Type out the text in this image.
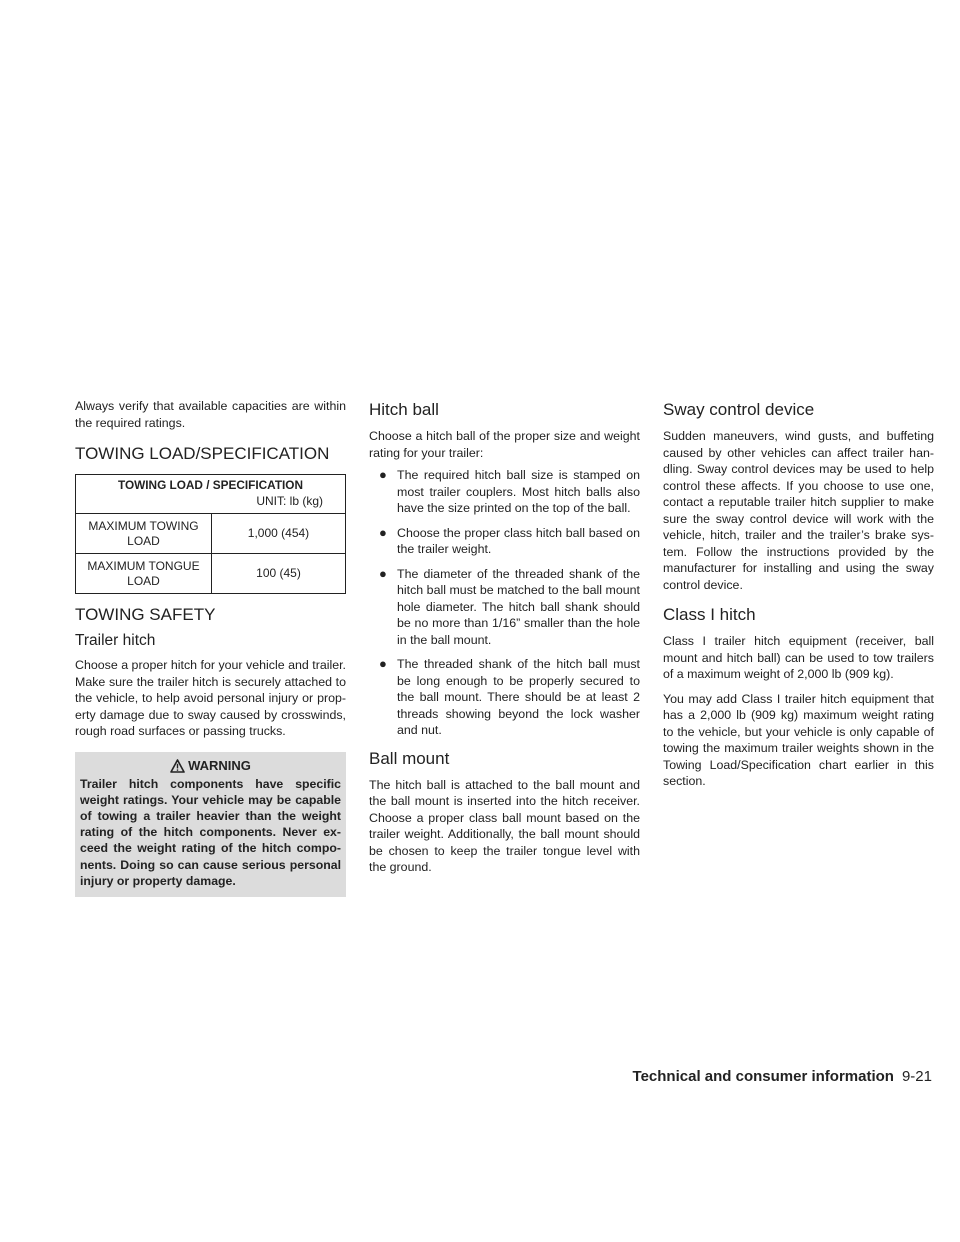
Always verify that available capacities are within the required ratings.

TOWING LOAD/SPECIFICATION
TOWING LOAD / SPECIFICATION	
UNIT: lb (kg)	
MAXIMUM TOWING LOAD	1,000 (454)
MAXIMUM TONGUE LOAD	100 (45)
TOWING SAFETY
Trailer hitch

Choose a proper hitch for your vehicle and trailer. Make sure the trailer hitch is securely attached to the vehicle, to help avoid personal injury or prop-erty damage due to sway caused by crosswinds, rough road surfaces or passing trucks.

WARNING
Trailer hitch components have specific weight ratings. Your vehicle may be capable of towing a trailer heavier than the weight rating of the hitch components. Never ex-ceed the weight rating of the hitch compo-nents. Doing so can cause serious personal injury or property damage.
Hitch ball

Choose a hitch ball of the proper size and weight rating for your trailer:

● The required hitch ball size is stamped on most trailer couplers. Most hitch balls also have the size printed on the top of the ball.
● Choose the proper class hitch ball based on the trailer weight.
● The diameter of the threaded shank of the hitch ball must be matched to the ball mount hole diameter. The hitch ball shank should be no more than 1/16” smaller than the hole in the ball mount.
● The threaded shank of the hitch ball must be long enough to be properly secured to the ball mount. There should be at least 2 threads showing beyond the lock washer and nut.
Ball mount

The hitch ball is attached to the ball mount and the ball mount is inserted into the hitch receiver. Choose a proper class ball mount based on the trailer weight. Additionally, the ball mount should be chosen to keep the trailer tongue level with the ground.

Sway control device

Sudden maneuvers, wind gusts, and buffeting caused by other vehicles can affect trailer han-dling. Sway control devices may be used to help control these affects. If you choose to use one, contact a reputable trailer hitch supplier to make sure the sway control device will work with the vehicle, hitch, trailer and the trailer’s brake sys-tem. Follow the instructions provided by the manufacturer for installing and using the sway control device.

Class I hitch

Class I trailer hitch equipment (receiver, ball mount and hitch ball) can be used to tow trailers of a maximum weight of 2,000 lb (909 kg).

You may add Class I trailer hitch equipment that has a 2,000 lb (909 kg) maximum weight rating to the vehicle, but your vehicle is only capable of towing the maximum trailer weights shown in the Towing Load/Specification chart earlier in this section.

Technical and consumer information 9-21
